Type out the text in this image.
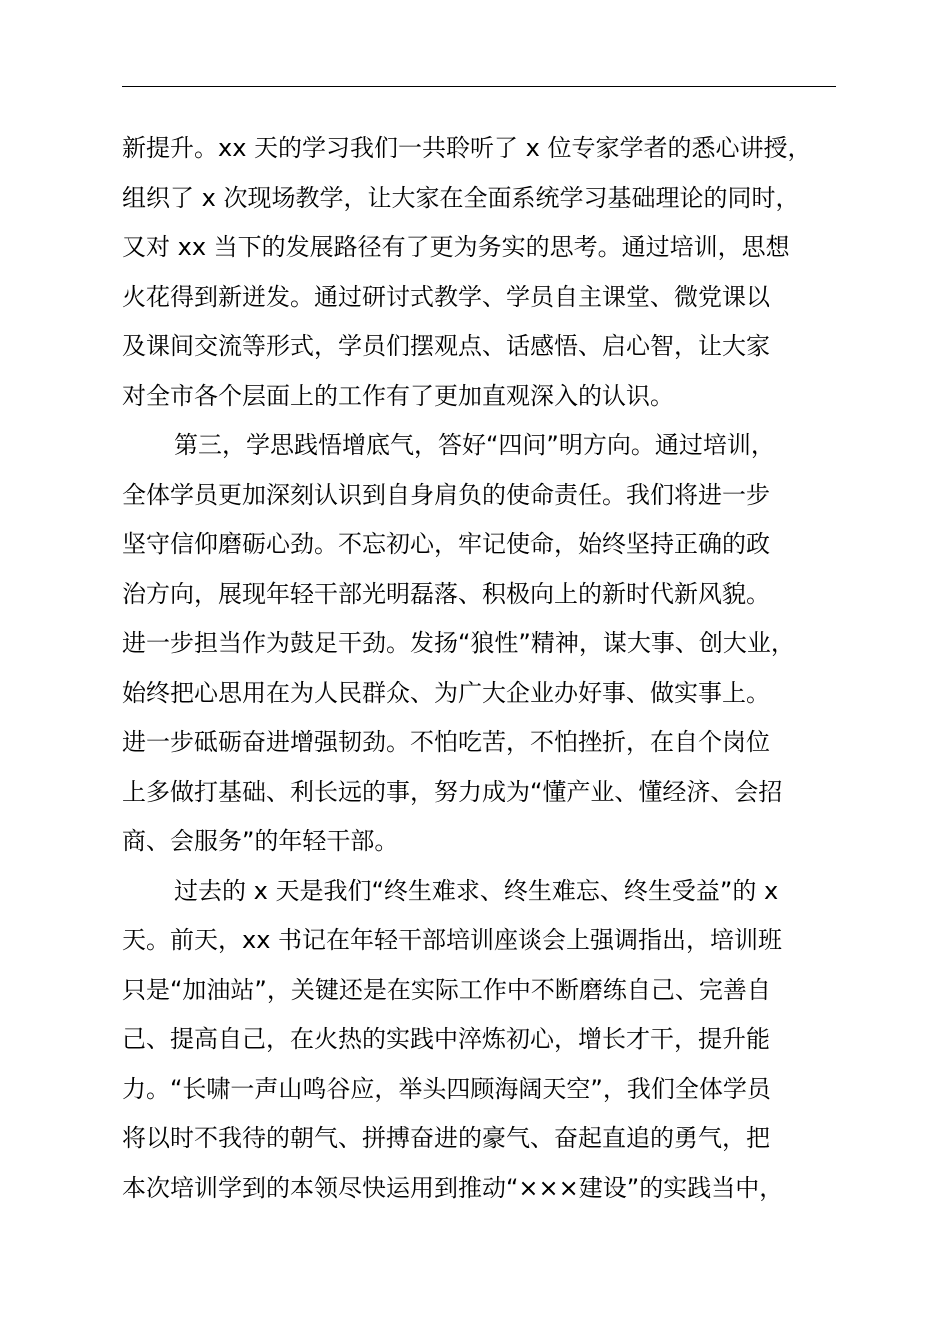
新提升。xx 天的学习我们一共聆听了 x 位专家学者的悉心讲授，
组织了 x 次现场教学，让大家在全面系统学习基础理论的同时，
又对 xx 当下的发展路径有了更为务实的思考。通过培训，思想
火花得到新迸发。通过研讨式教学、学员自主课堂、微党课以
及课间交流等形式，学员们摆观点、话感悟、启心智，让大家
对全市各个层面上的工作有了更加直观深入的认识。
第三，学思践悟增底气，答好“四问”明方向。通过培训，
全体学员更加深刻认识到自身肩负的使命责任。我们将进一步
坚守信仰磨砺心劲。不忘初心，牢记使命，始终坚持正确的政
治方向，展现年轻干部光明磊落、积极向上的新时代新风貌。
进一步担当作为鼓足干劲。发扬“狼性”精神，谋大事、创大业，
始终把心思用在为人民群众、为广大企业办好事、做实事上。
进一步砥砺奋进增强韧劲。不怕吃苦，不怕挫折，在自个岗位
上多做打基础、利长远的事，努力成为“懂产业、懂经济、会招
商、会服务”的年轻干部。
过去的 x 天是我们“终生难求、终生难忘、终生受益”的 x
天。前天，xx 书记在年轻干部培训座谈会上强调指出，培训班
只是“加油站”，关键还是在实际工作中不断磨练自己、完善自
己、提高自己，在火热的实践中淬炼初心，增长才干，提升能
力。“长啸一声山鸣谷应，举头四顾海阔天空”，我们全体学员
将以时不我待的朝气、拼搏奋进的豪气、奋起直追的勇气，把
本次培训学到的本领尽快运用到推动“×××建设”的实践当中，
